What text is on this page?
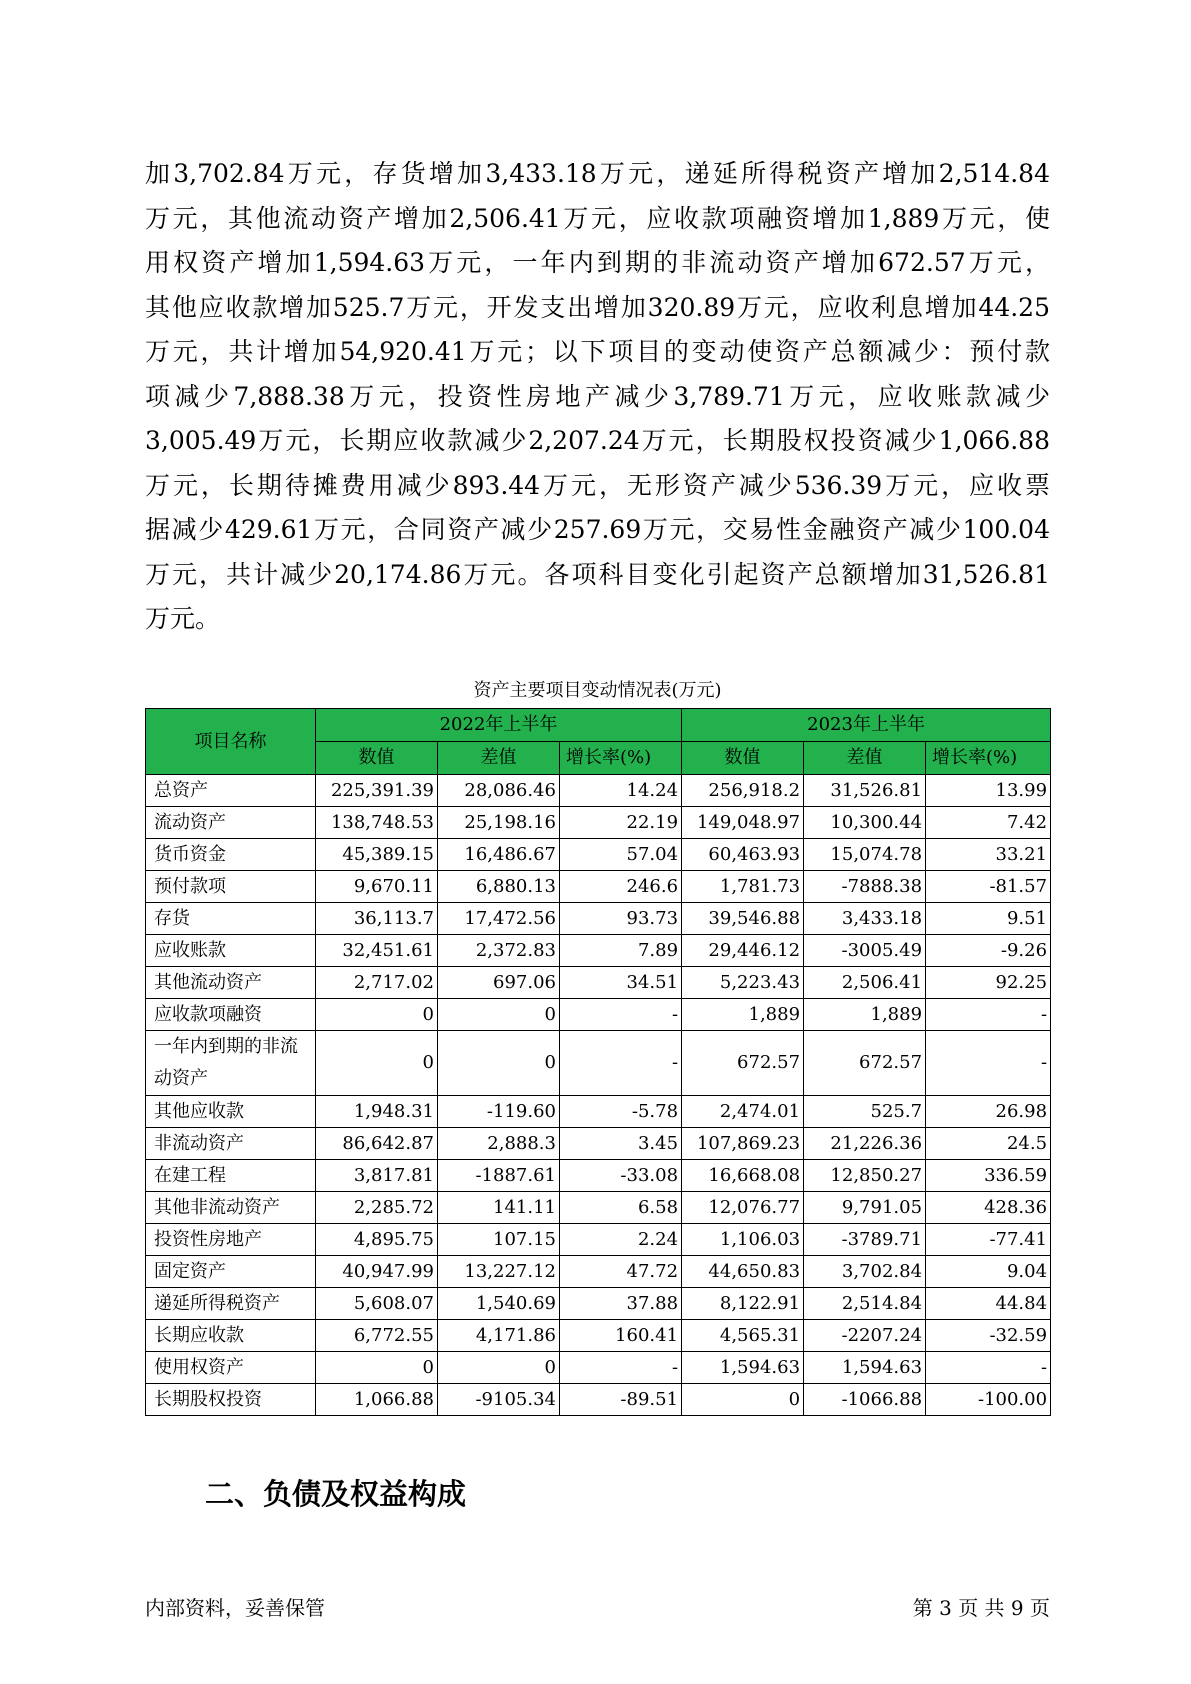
加3,702.84万元，存货增加3,433.18万元，递延所得税资产增加2,514.84
万元，其他流动资产增加2,506.41万元，应收款项融资增加1,889万元，使
用权资产增加1,594.63万元，一年内到期的非流动资产增加672.57万元，
其他应收款增加525.7万元，开发支出增加320.89万元，应收利息增加44.25
万元，共计增加54,920.41万元；以下项目的变动使资产总额减少：预付款
项减少7,888.38万元，投资性房地产减少3,789.71万元，应收账款减少
3,005.49万元，长期应收款减少2,207.24万元，长期股权投资减少1,066.88
万元，长期待摊费用减少893.44万元，无形资产减少536.39万元，应收票
据减少429.61万元，合同资产减少257.69万元，交易性金融资产减少100.04
万元，共计减少20,174.86万元。各项科目变化引起资产总额增加31,526.81
万元。
资产主要项目变动情况表(万元)
项目名称	2022年上半年			2023年上半年		
	数值	差值	增长率(%)	数值	差值	增长率(%)
总资产	225,391.39	28,086.46	14.24	256,918.2	31,526.81	13.99
流动资产	138,748.53	25,198.16	22.19	149,048.97	10,300.44	7.42
货币资金	45,389.15	16,486.67	57.04	60,463.93	15,074.78	33.21
预付款项	9,670.11	6,880.13	246.6	1,781.73	-7888.38	-81.57
存货	36,113.7	17,472.56	93.73	39,546.88	3,433.18	9.51
应收账款	32,451.61	2,372.83	7.89	29,446.12	-3005.49	-9.26
其他流动资产	2,717.02	697.06	34.51	5,223.43	2,506.41	92.25
应收款项融资	0	0	-	1,889	1,889	-
一年内到期的非流动资产	0	0	-	672.57	672.57	-
其他应收款	1,948.31	-119.60	-5.78	2,474.01	525.7	26.98
非流动资产	86,642.87	2,888.3	3.45	107,869.23	21,226.36	24.5
在建工程	3,817.81	-1887.61	-33.08	16,668.08	12,850.27	336.59
其他非流动资产	2,285.72	141.11	6.58	12,076.77	9,791.05	428.36
投资性房地产	4,895.75	107.15	2.24	1,106.03	-3789.71	-77.41
固定资产	40,947.99	13,227.12	47.72	44,650.83	3,702.84	9.04
递延所得税资产	5,608.07	1,540.69	37.88	8,122.91	2,514.84	44.84
长期应收款	6,772.55	4,171.86	160.41	4,565.31	-2207.24	-32.59
使用权资产	0	0	-	1,594.63	1,594.63	-
长期股权投资	1,066.88	-9105.34	-89.51	0	-1066.88	-100.00
二、负债及权益构成
内部资料，妥善保管	第 3 页 共 9 页
